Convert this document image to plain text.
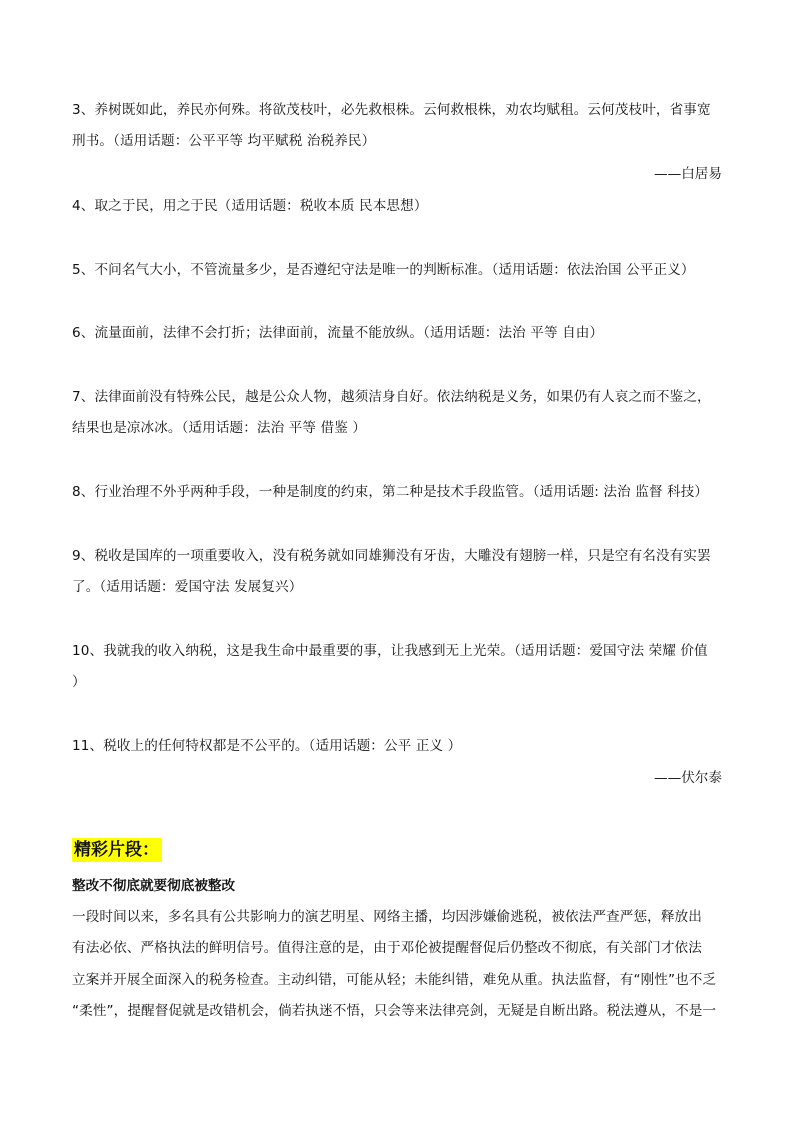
3、养树既如此，养民亦何殊。将欲茂枝叶，必先救根株。云何救根株，劝农均赋租。云何茂枝叶，省事宽
刑书。（适用话题：公平平等 均平赋税 治税养民）
——白居易
4、取之于民，用之于民（适用话题：税收本质 民本思想）
5、不问名气大小，不管流量多少，是否遵纪守法是唯一的判断标准。（适用话题：依法治国 公平正义）
6、流量面前，法律不会打折；法律面前，流量不能放纵。（适用话题：法治 平等 自由）
7、法律面前没有特殊公民，越是公众人物，越须洁身自好。依法纳税是义务，如果仍有人哀之而不鉴之，
结果也是凉冰冰。（适用话题：法治 平等 借鉴 ）
8、行业治理不外乎两种手段，一种是制度的约束，第二种是技术手段监管。（适用话题: 法治 监督 科技）
9、税收是国库的一项重要收入，没有税务就如同雄狮没有牙齿，大雕没有翅膀一样，只是空有名没有实罢
了。（适用话题：爱国守法 发展复兴）
10、我就我的收入纳税，这是我生命中最重要的事，让我感到无上光荣。（适用话题：爱国守法 荣耀 价值
）
11、税收上的任何特权都是不公平的。（适用话题：公平 正义 ）
——伏尔泰
精彩片段：
整改不彻底就要彻底被整改
一段时间以来，多名具有公共影响力的演艺明星、网络主播，均因涉嫌偷逃税，被依法严查严惩，释放出
有法必依、严格执法的鲜明信号。值得注意的是，由于邓伦被提醒督促后仍整改不彻底，有关部门才依法
立案并开展全面深入的税务检查。主动纠错，可能从轻；未能纠错，难免从重。执法监督，有“刚性”也不乏
“柔性”，提醒督促就是改错机会，倘若执迷不悟，只会等来法律亮剑，无疑是自断出路。税法遵从，不是一
